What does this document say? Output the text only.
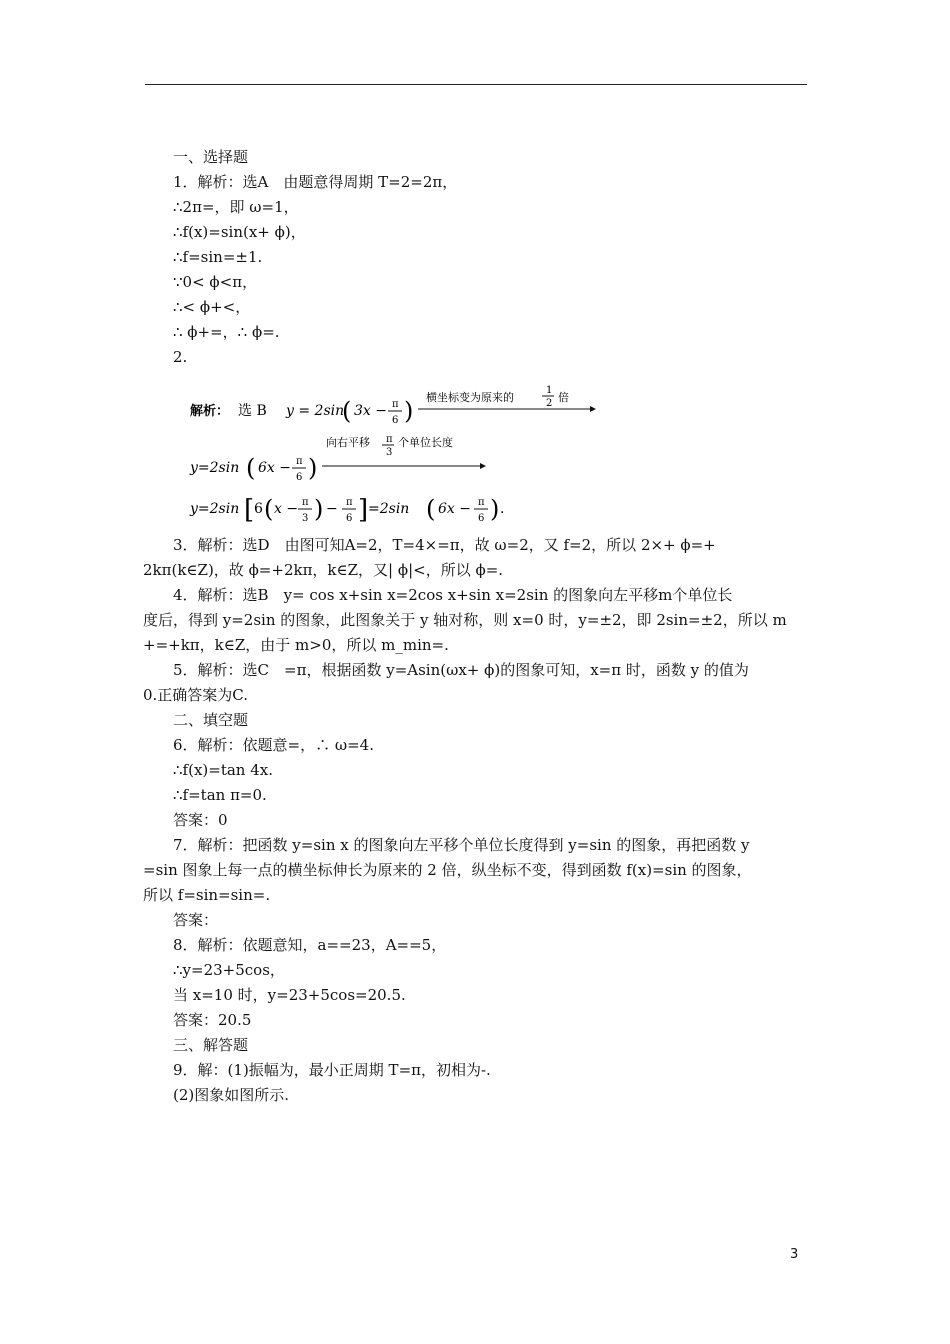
一、选择题
1．解析：选A　由题意得周期 T=2=2π，
∴2π=，即 ω=1，
∴f(x)=sin(x+ ϕ)，
∴f=sin=±1.
∵0< ϕ<π，
∴< ϕ+<，
∴ ϕ+=，∴ ϕ=.
2.
解析： 选 B y = 2sin
( 3x − π
6 ) 横坐标变为原来的
1
2 倍
y=2sin ( 6x − π
6 )
向右平移 π
3
个单位长度
y=2sin [ 6 ( x − π
3 ) − π
6 ] =2sin ( 6x − π
6 ) .
3．解析：选D　由图可知A=2，T=4×=π，故 ω=2，又 f=2，所以 2×+ ϕ=+
2kπ(k∈Z)，故 ϕ=+2kπ，k∈Z，又| ϕ|<，所以 ϕ=.
4．解析：选B　y= cos x+sin x=2cos x+sin x=2sin 的图象向左平移m个单位长
度后，得到 y=2sin 的图象，此图象关于 y 轴对称，则 x=0 时，y=±2，即 2sin=±2，所以 m
+=+kπ，k∈Z，由于 m>0，所以 m_min=.
5．解析：选C　=π，根据函数 y=Asin(ωx+ ϕ)的图象可知，x=π 时，函数 y 的值为
0.正确答案为C.
二、填空题
6．解析：依题意=，∴ ω=4.
∴f(x)=tan 4x.
∴f=tan π=0.
答案：0
7．解析：把函数 y=sin x 的图象向左平移个单位长度得到 y=sin 的图象，再把函数 y
=sin 图象上每一点的横坐标伸长为原来的 2 倍，纵坐标不变，得到函数 f(x)=sin 的图象，
所以 f=sin=sin=.
答案：
8．解析：依题意知，a==23，A==5，
∴y=23+5cos，
当 x=10 时，y=23+5cos=20.5.
答案：20.5
三、解答题
9．解：(1)振幅为，最小正周期 T=π，初相为-.
(2)图象如图所示.
3
